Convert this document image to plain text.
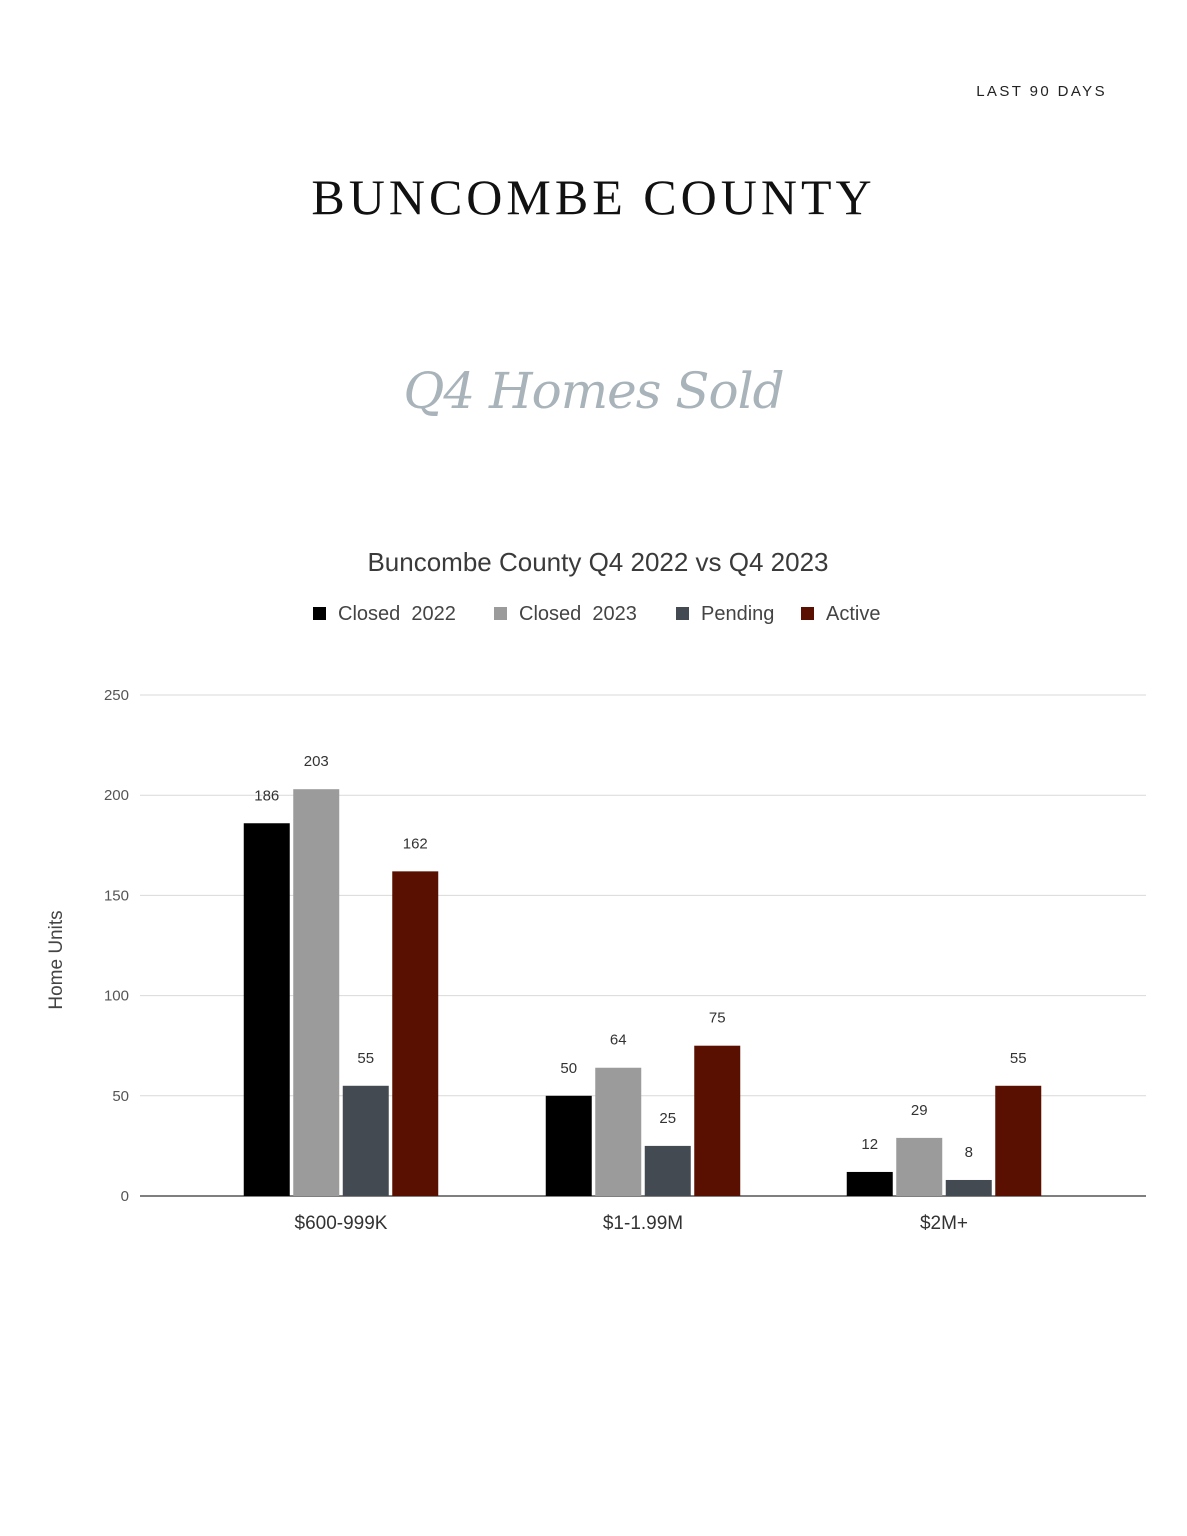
LAST 90 DAYS
BUNCOMBE COUNTY
Q4 Homes Sold
Buncombe County Q4 2022 vs Q4 2023
Closed  2022	Closed  2023	Pending	Active
186
203
55
162
50
64
25
75
12
29
8
55
0
50
100
150
200
250
$600-999K	$1-1.99M	$2M+
Home Units
